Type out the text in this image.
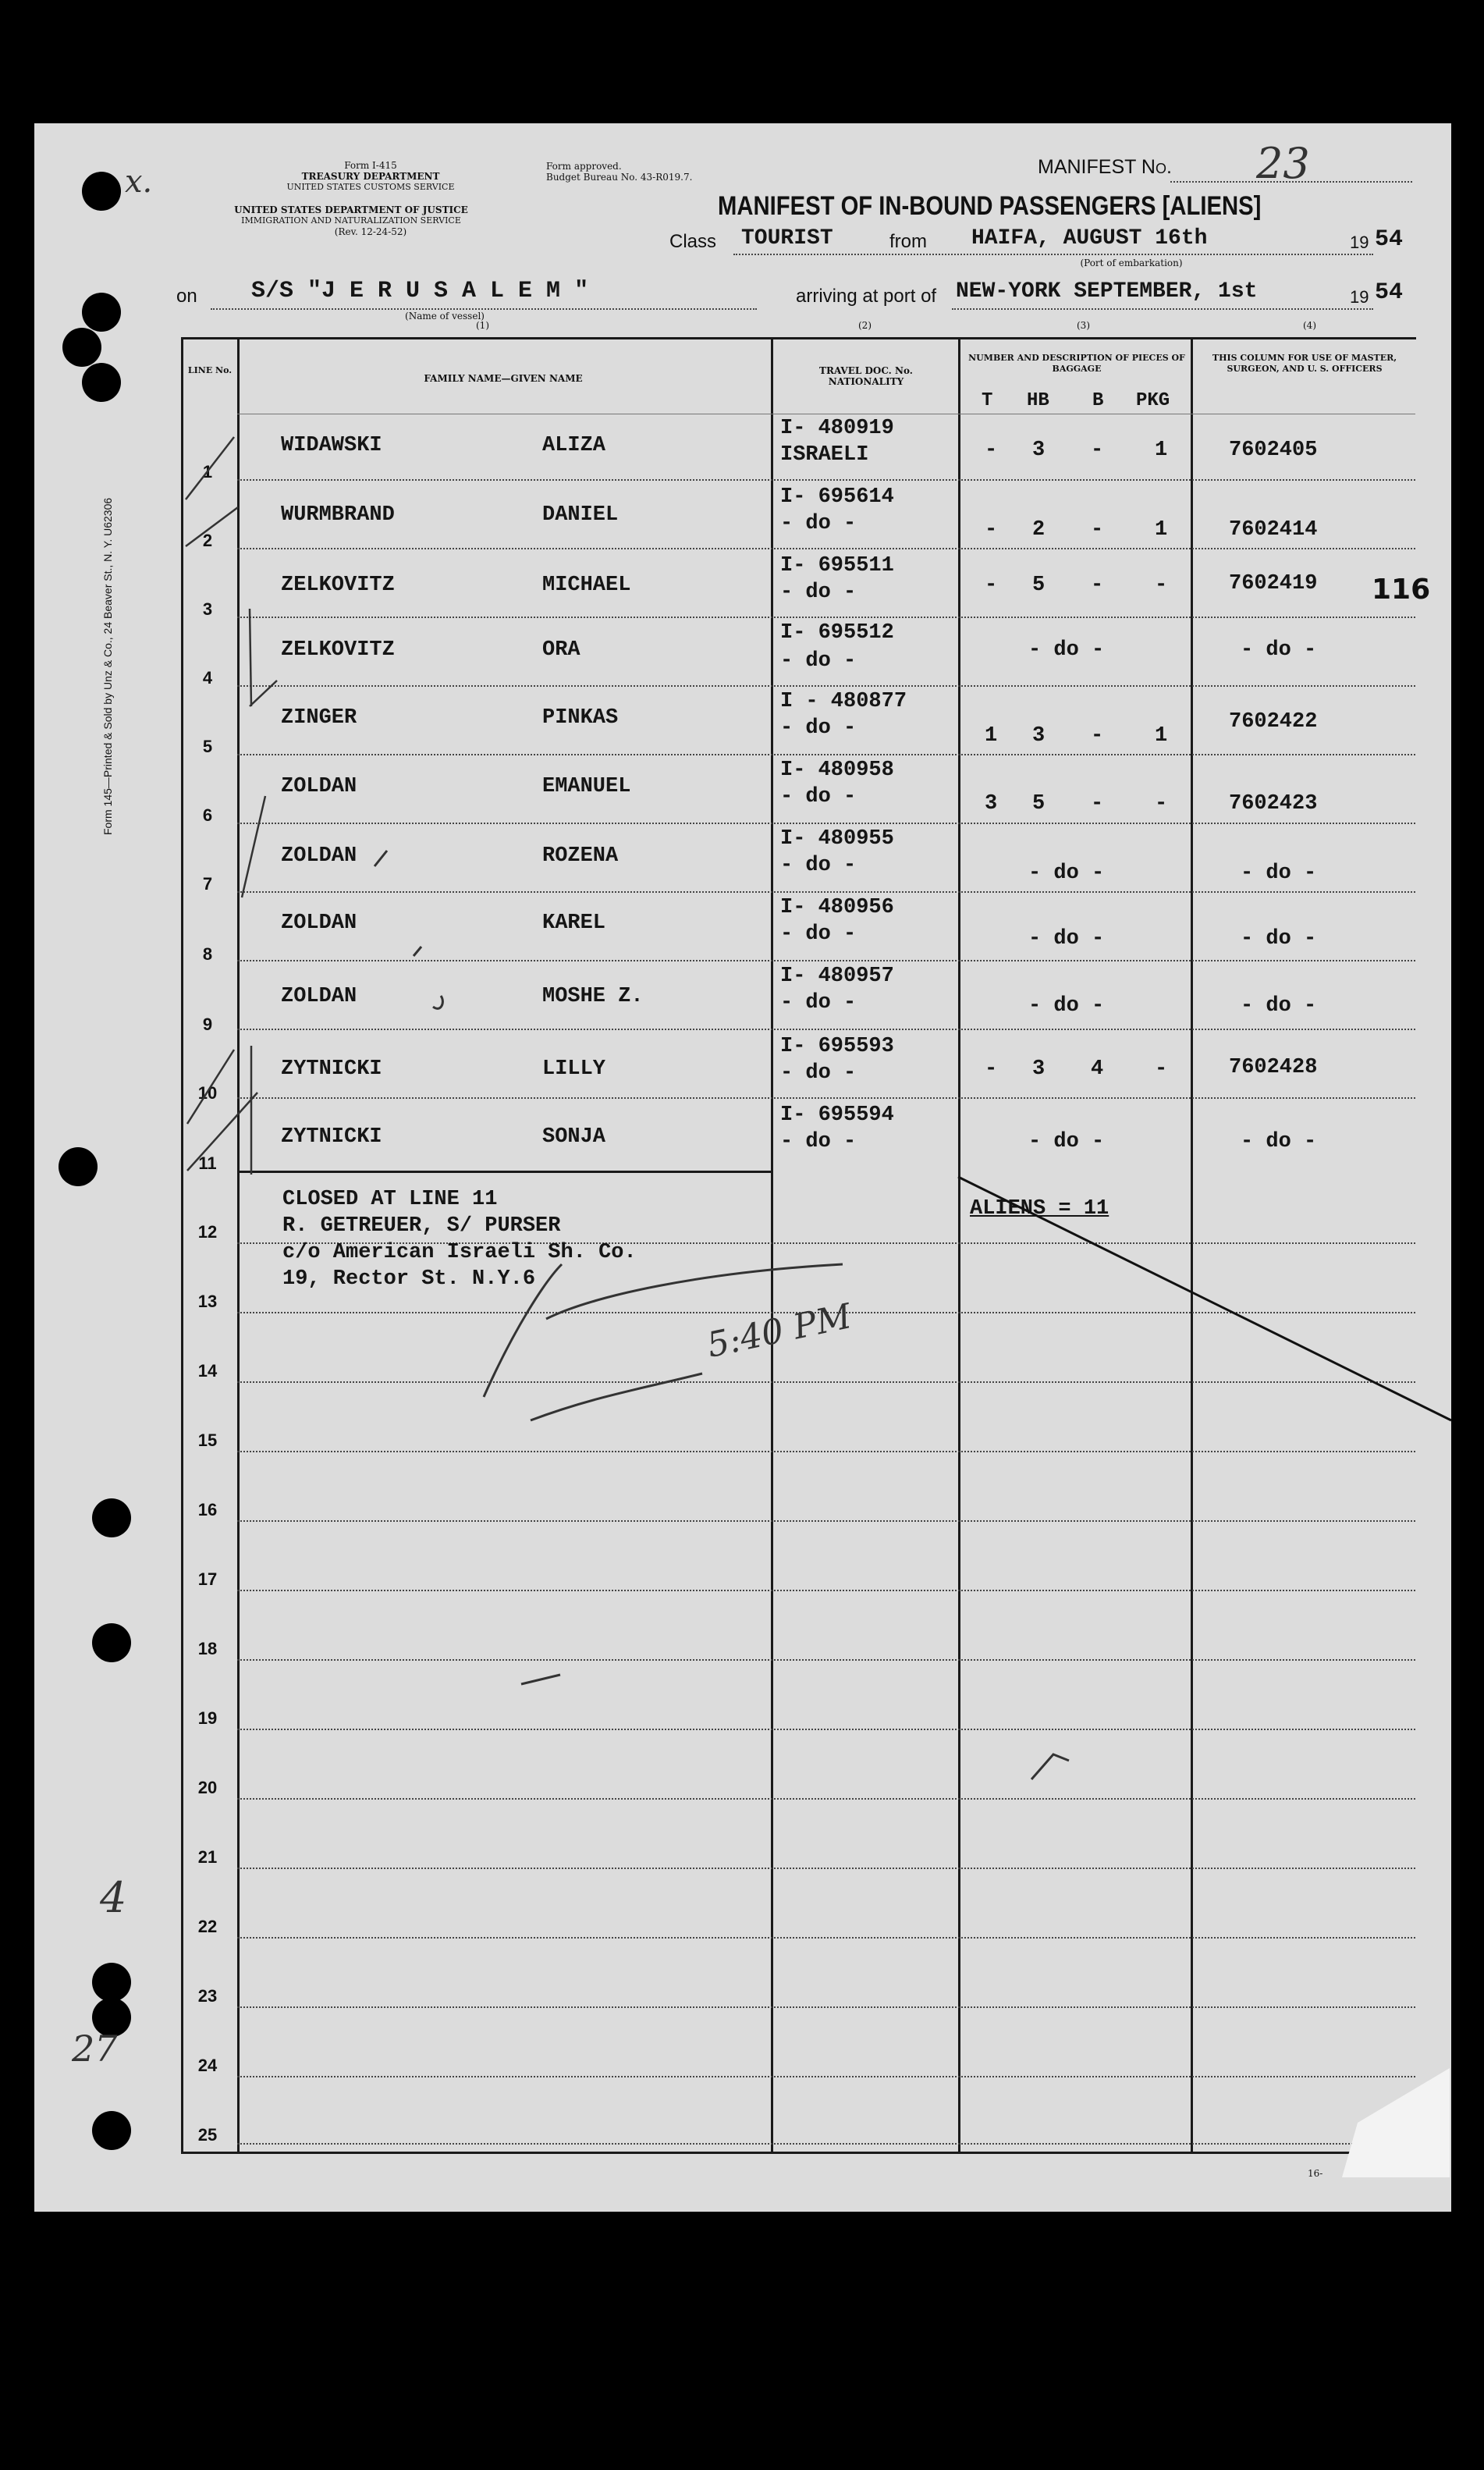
Form I-415
TREASURY DEPARTMENT
UNITED STATES CUSTOMS SERVICE
UNITED STATES DEPARTMENT OF JUSTICE
IMMIGRATION AND NATURALIZATION SERVICE
(Rev. 12-24-52)
Form approved.
Budget Bureau No. 43-R019.7.	MANIFEST No. 23
MANIFEST OF IN-BOUND PASSENGERS [ALIENS]
Class TOURIST	from HAIFA, AUGUST 16th	19 54
(Port of embarkation)
on S/S "J E R U S A L E M "
(Name of vessel)
arriving at port of NEW-YORK SEPTEMBER, 1st	19 54
(1)	(2)	(3)	(4)
Form 145—Printed & Sold by Unz & Co., 24 Beaver St., N. Y. U62306
LINE No.
FAMILY NAME—GIVEN NAME
TRAVEL DOC. No. NATIONALITY
NUMBER AND DESCRIPTION OF PIECES OF BAGGAGE
T HB B PKG
THIS COLUMN FOR USE OF MASTER, SURGEON, AND U. S. OFFICERS
1
WIDAWSKI	ALIZA
I- 480919
ISRAELI	- 3 - 1	7602405
2
WURMBRAND	DANIEL
I- 695614
- do -	- 2 - 1	7602414
3
ZELKOVITZ	MICHAEL
I- 695511
- do -	- 5 - -	7602419
4
ZELKOVITZ	ORA
I- 695512
- do -	- do -	- do -
5
ZINGER	PINKAS
I - 480877
- do -	1 3 - 1
7602422
6
ZOLDAN	EMANUEL
I- 480958
- do -	3 5 - -	7602423
7
ZOLDAN	ROZENA
I- 480955
- do -	- do -	- do -
8
ZOLDAN	KAREL
I- 480956
- do -	- do -	- do -
9
ZOLDAN	MOSHE Z.
I- 480957
- do -	- do -	- do -
10
ZYTNICKI	LILLY
I- 695593
- do -	- 3 4 -	7602428
11
ZYTNICKI	SONJA
I- 695594
- do -	- do -	- do -
12
13
14
15
16
17
18
19
20
21
22
23
24
25
CLOSED AT LINE 11
R. GETREUER, S/ PURSER
c/o American Israeli Sh. Co.
19, Rector St. N.Y.6
ALIENS = 11
116
5:40 PM
x.
4
27
16-
